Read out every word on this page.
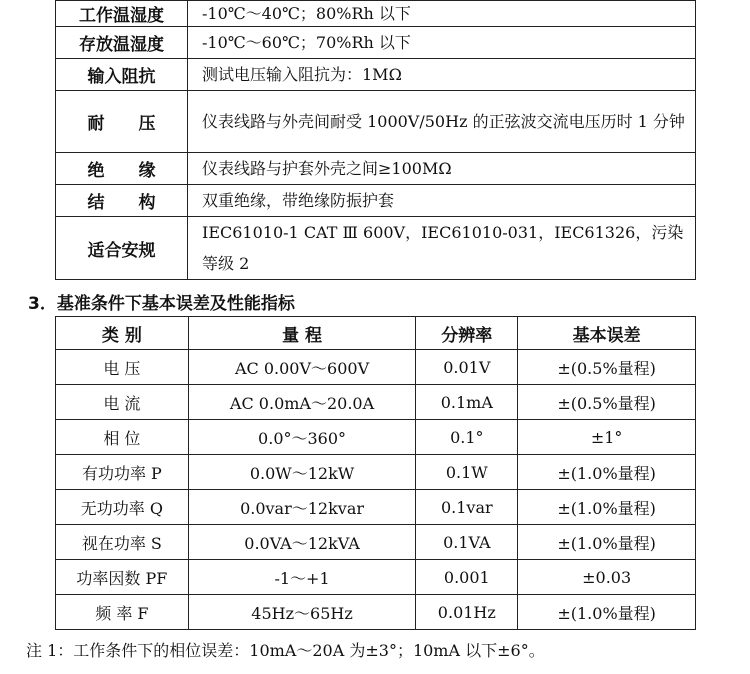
工作温湿度	-10℃～40℃；80%Rh 以下
存放温湿度	-10℃～60℃；70%Rh 以下
输入阻抗	测试电压输入阻抗为：1MΩ
耐　　压	仪表线路与外壳间耐受 1000V/50Hz 的正弦波交流电压历时 1 分钟
绝　　缘	仪表线路与护套外壳之间≥100MΩ
结　　构	双重绝缘，带绝缘防振护套
适合安规	IEC61010-1 CAT Ⅲ 600V，IEC61010-031，IEC61326，污染等级 2
3．基准条件下基本误差及性能指标
类 别	量 程	分辨率	基本误差
电 压	AC 0.00V～600V	0.01V	±(0.5%量程)
电 流	AC 0.0mA～20.0A	0.1mA	±(0.5%量程)
相 位	0.0°～360°	0.1°	±1°
有功功率 P	0.0W～12kW	0.1W	±(1.0%量程)
无功功率 Q	0.0var～12kvar	0.1var	±(1.0%量程)
视在功率 S	0.0VA～12kVA	0.1VA	±(1.0%量程)
功率因数 PF	-1～+1	0.001	±0.03
频 率 F	45Hz～65Hz	0.01Hz	±(1.0%量程)
注 1：工作条件下的相位误差：10mA～20A 为±3°；10mA 以下±6°。
